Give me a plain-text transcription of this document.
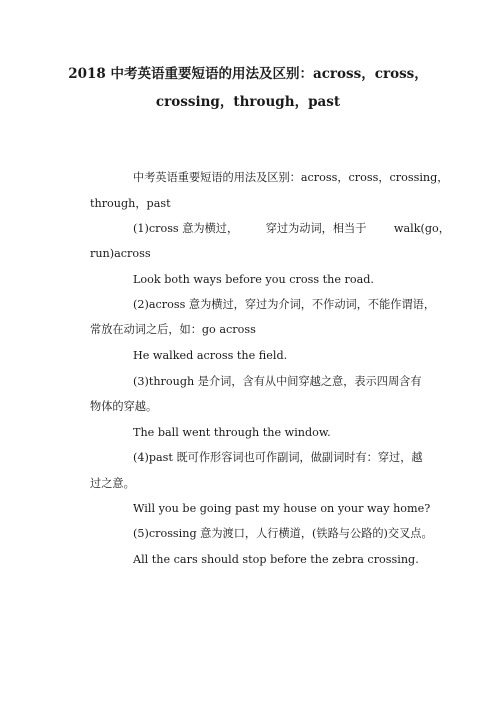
2018 中考英语重要短语的用法及区别：across，cross，
crossing，through，past
中考英语重要短语的用法及区别：across，cross，crossing，
through，past
(1)cross 意为横过， 穿过为动词，相当于 walk(go，
run)across
Look both ways before you cross the road.
(2)across 意为横过，穿过为介词，不作动词，不能作谓语，
常放在动词之后，如：go across
He walked across the field.
(3)through 是介词，含有从中间穿越之意，表示四周含有
物体的穿越。
The ball went through the window.
(4)past 既可作形容词也可作副词，做副词时有：穿过，越
过之意。
Will you be going past my house on your way home?
(5)crossing 意为渡口，人行横道，(铁路与公路的)交叉点。
All the cars should stop before the zebra crossing.
